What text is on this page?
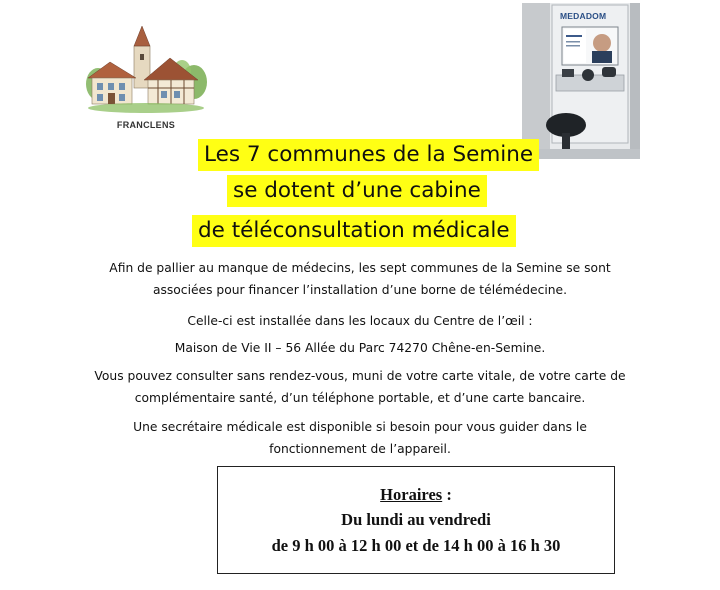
FRANCLENS
MEDADOM
Les 7 communes de la Semine
se dotent d’une cabine
de téléconsultation médicale
Afin de pallier au manque de médecins, les sept communes de la Semine se sont
associées pour financer l’installation d’une borne de télémédecine.
Celle-ci est installée dans les locaux du Centre de l’œil :
Maison de Vie II – 56 Allée du Parc 74270 Chêne-en-Semine.
Vous pouvez consulter sans rendez-vous, muni de votre carte vitale, de votre carte de
complémentaire santé, d’un téléphone portable, et d’une carte bancaire.
Une secrétaire médicale est disponible si besoin pour vous guider dans le
fonctionnement de l’appareil.
Horaires :
Du lundi au vendredi
de 9 h 00 à 12 h 00 et de 14 h 00 à 16 h 30
